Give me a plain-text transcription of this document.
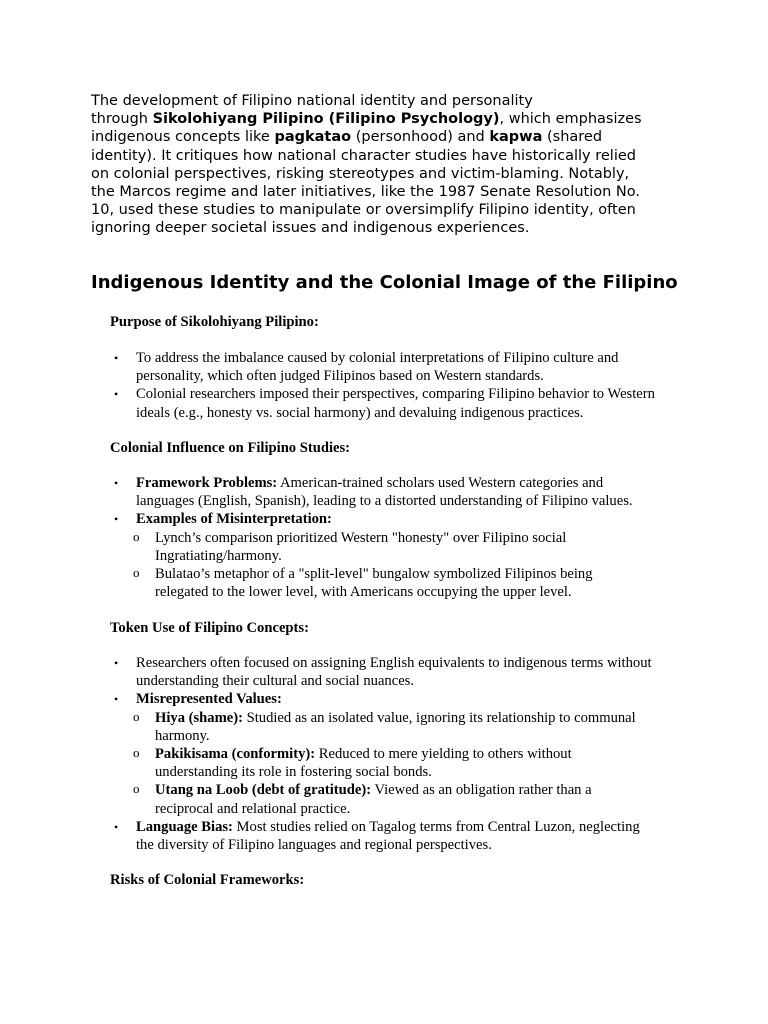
The development of Filipino national identity and personality
through Sikolohiyang Pilipino (Filipino Psychology), which emphasizes
indigenous concepts like pagkatao (personhood) and kapwa (shared
identity). It critiques how national character studies have historically relied
on colonial perspectives, risking stereotypes and victim-blaming. Notably,
the Marcos regime and later initiatives, like the 1987 Senate Resolution No.
10, used these studies to manipulate or oversimplify Filipino identity, often
ignoring deeper societal issues and indigenous experiences.
Indigenous Identity and the Colonial Image of the Filipino

Purpose of Sikolohiyang Pilipino:

• To address the imbalance caused by colonial interpretations of Filipino culture and
personality, which often judged Filipinos based on Western standards.
• Colonial researchers imposed their perspectives, comparing Filipino behavior to Western
ideals (e.g., honesty vs. social harmony) and devaluing indigenous practices.

Colonial Influence on Filipino Studies:

• Framework Problems: American-trained scholars used Western categories and
languages (English, Spanish), leading to a distorted understanding of Filipino values.
• Examples of Misinterpretation:
o Lynch’s comparison prioritized Western "honesty" over Filipino social
Ingratiating/harmony.
o Bulatao’s metaphor of a "split-level" bungalow symbolized Filipinos being
relegated to the lower level, with Americans occupying the upper level.

Token Use of Filipino Concepts:

• Researchers often focused on assigning English equivalents to indigenous terms without
understanding their cultural and social nuances.
• Misrepresented Values:
o Hiya (shame): Studied as an isolated value, ignoring its relationship to communal
harmony.
o Pakikisama (conformity): Reduced to mere yielding to others without
understanding its role in fostering social bonds.
o Utang na Loob (debt of gratitude): Viewed as an obligation rather than a
reciprocal and relational practice.
• Language Bias: Most studies relied on Tagalog terms from Central Luzon, neglecting
the diversity of Filipino languages and regional perspectives.

Risks of Colonial Frameworks:
